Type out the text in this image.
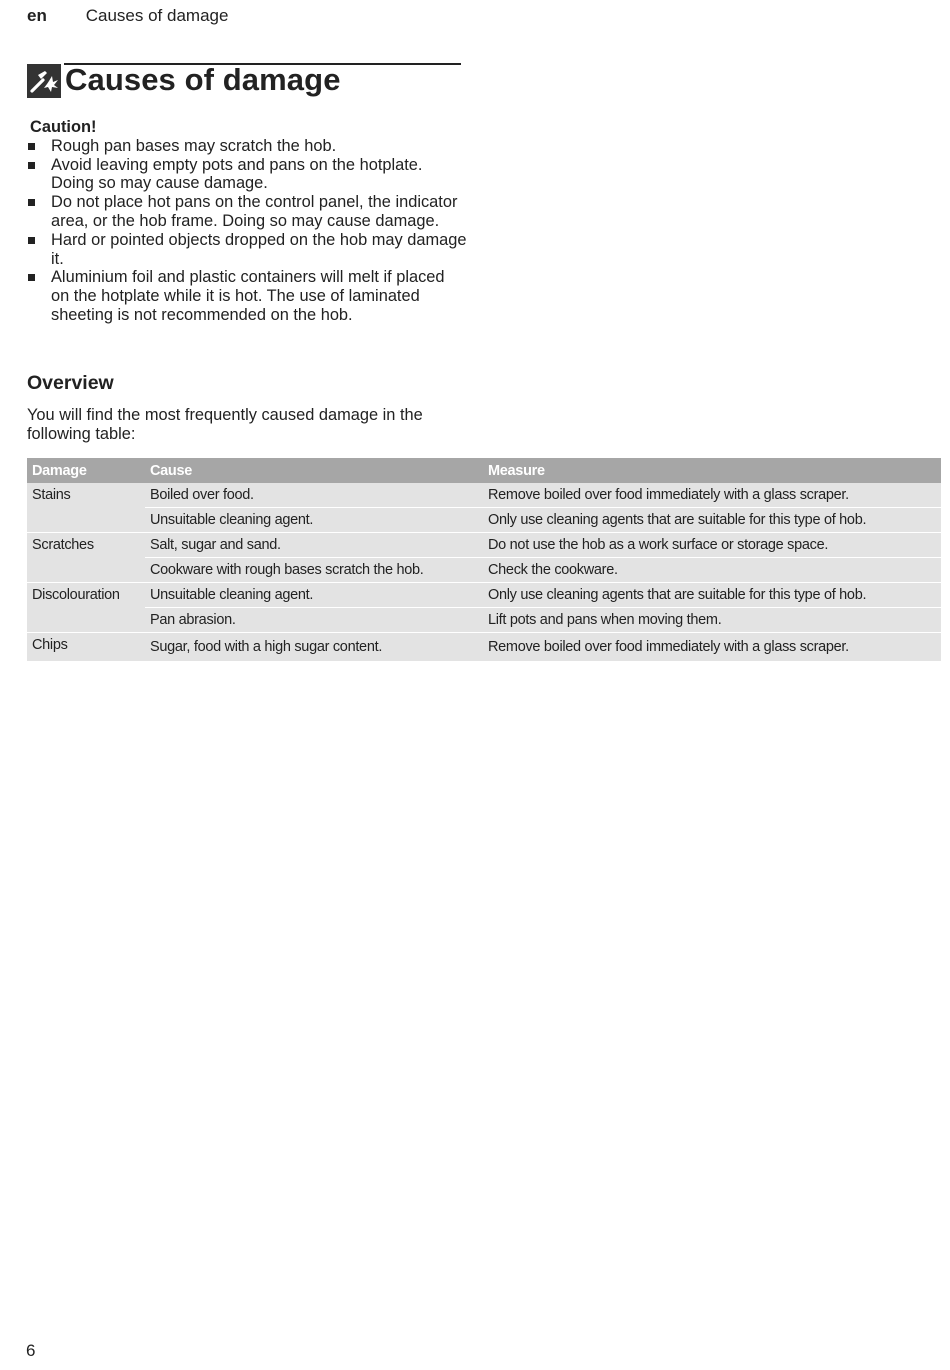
en Causes of damage
Causes of damage
Caution!
Rough pan bases may scratch the hob.
Avoid leaving empty pots and pans on the hotplate. Doing so may cause damage.
Do not place hot pans on the control panel, the indicator area, or the hob frame. Doing so may cause damage.
Hard or pointed objects dropped on the hob may damage it.
Aluminium foil and plastic containers will melt if placed on the hotplate while it is hot. The use of laminated sheeting is not recommended on the hob.
Overview

You will find the most frequently caused damage in the following table:

Damage	Cause	Measure
Stains	Boiled over food.	Remove boiled over food immediately with a glass scraper.
	Unsuitable cleaning agent.	Only use cleaning agents that are suitable for this type of hob.
Scratches	Salt, sugar and sand.	Do not use the hob as a work surface or storage space.
	Cookware with rough bases scratch the hob.	Check the cookware.
Discolouration	Unsuitable cleaning agent.	Only use cleaning agents that are suitable for this type of hob.
	Pan abrasion.	Lift pots and pans when moving them.
Chips	Sugar, food with a high sugar content.	Remove boiled over food immediately with a glass scraper.
6
